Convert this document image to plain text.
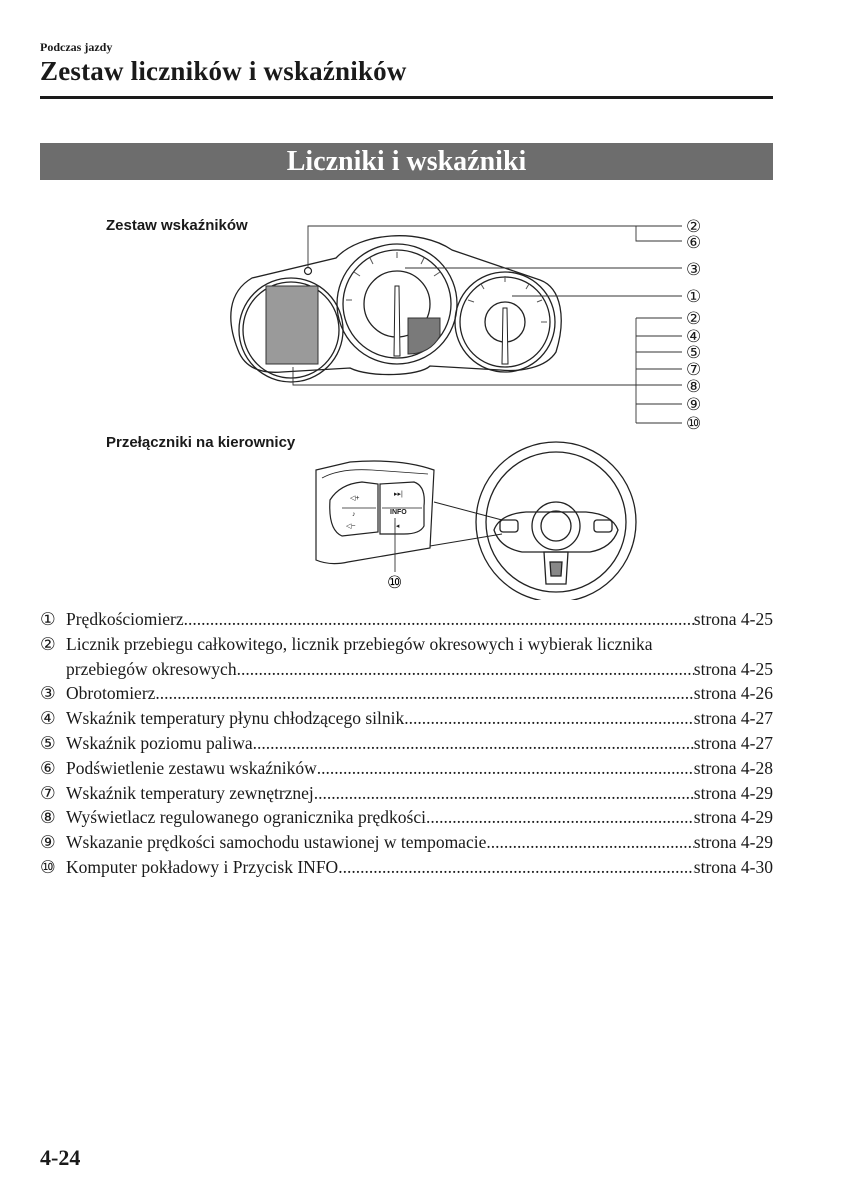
Podczas jazdy
Zestaw liczników i wskaźników
Liczniki i wskaźniki
Zestaw wskaźników
Przełączniki na kierownicy
②
⑥
③
①
②
④
⑤
⑦
⑧
⑨
⑩
◁+
♪
◁−
▸▸|
INFO
|◂
⑩
① Prędkościomierz .....	strona 4-25
② Licznik przebiegu całkowitego, licznik przebiegów okresowych i wybierak licznika
przebiegów okresowych .....	strona 4-25
③ Obrotomierz .....	strona 4-26
④ Wskaźnik temperatury płynu chłodzącego silnik .....	strona 4-27
⑤ Wskaźnik poziomu paliwa .....	strona 4-27
⑥ Podświetlenie zestawu wskaźników .....	strona 4-28
⑦ Wskaźnik temperatury zewnętrznej .....	strona 4-29
⑧ Wyświetlacz regulowanego ogranicznika prędkości .....	strona 4-29
⑨ Wskazanie prędkości samochodu ustawionej w tempomacie .....	strona 4-29
⑩ Komputer pokładowy i Przycisk INFO .....	strona 4-30
4-24
